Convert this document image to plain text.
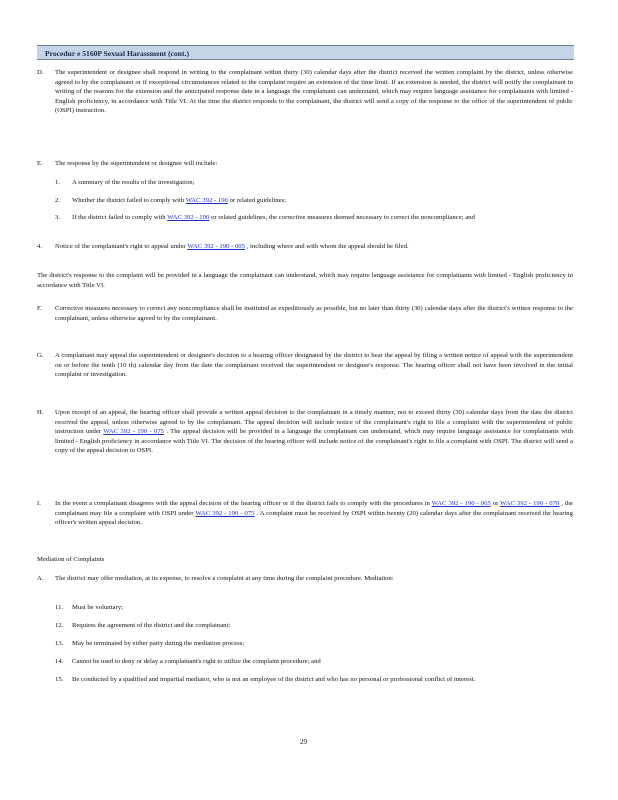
Procedur e 5160P Sexual Harassment (cont.)
D. The superintendent or designee shall respond in writing to the complainant within thirty (30) calendar days after the district received the written complaint by the district, unless otherwise agreed to by the complainant or if exceptional circumstances related to the complaint require an extension of the time limit. If an extension is needed, the district will notify the complainant in writing of the reasons for the extension and the anticipated response date in a language the complainant can understand, which may require language assistance for complainants with limited - English proficiency, in accordance with Title VI. At the time the district responds to the complainant, the district will send a copy of the response to the office of the superintendent of public (OSPI) instruction.
E. The response by the superintendent or designee will include:
1. A summary of the results of the investigation;
2. Whether the district failed to comply with WAC 392 - 190 or related guidelines;
3. If the district failed to comply with WAC 392 - 190 or related guidelines, the corrective measures deemed necessary to correct the noncompliance; and
4. Notice of the complainant's right to appeal under WAC 392 - 190 - 005 , including where and with whom the appeal should be filed.
The district's response to the complaint will be provided in a language the complainant can understand, which may require language assistance for complainants with limited - English proficiency in accordance with Title VI.
F. Corrective measures necessary to correct any noncompliance shall be instituted as expeditiously as possible, but no later than thirty (30) calendar days after the district's written response to the complainant, unless otherwise agreed to by the complainant.
G. A complainant may appeal the superintendent or designee's decision to a hearing officer designated by the district to hear the appeal by filing a written notice of appeal with the superintendent on or before the tenth (10 th) calendar day from the date the complainant received the superintendent or designee's response. The hearing officer shall not have been involved in the initial complaint or investigation.
H. Upon receipt of an appeal, the hearing officer shall provide a written appeal decision to the complainant in a timely manner, not to exceed thirty (30) calendar days from the date the district received the appeal, unless otherwise agreed to by the complainant. The appeal decision will include notice of the complainant's right to file a complaint with the superintendent of public instruction under WAC 392 - 190 - 075 . The appeal decision will be provided in a language the complainant can understand, which may require language assistance for complainants with limited - English proficiency in accordance with Title VI. The decision of the hearing officer will include notice of the complainant's right to file a complaint with OSPI. The district will send a copy of the appeal decision to OSPI.
I. In the event a complainant disagrees with the appeal decision of the hearing officer or if the district fails to comply with the procedures in WAC 392 - 190 - 065 or WAC 392 - 190 - 070 , the complainant may file a complaint with OSPI under WAC 392 - 190 - 075 . A complaint must be received by OSPI within twenty (20) calendar days after the complainant received the hearing officer's written appeal decision.
Mediation of Complaints
A. The district may offer mediation, at its expense, to resolve a complaint at any time during the complaint procedure. Mediation:
11. Must be voluntary;
12. Requires the agreement of the district and the complainant;
13. May be terminated by either party during the mediation process;
14. Cannot be used to deny or delay a complainant's right to utilize the complaint procedure; and
15. Be conducted by a qualified and impartial mediator, who is not an employee of the district and who has no personal or professional conflict of interest.
29
